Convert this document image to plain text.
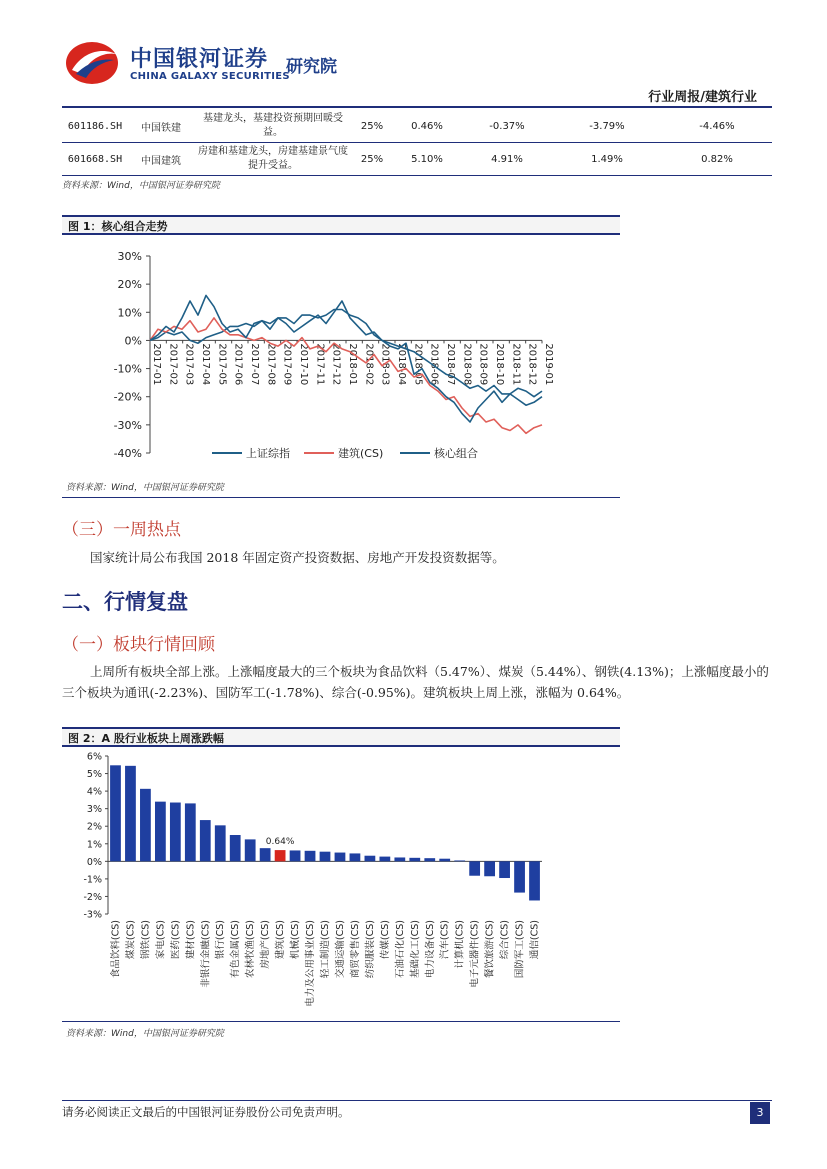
中国银河证券
CHINA GALAXY SECURITIES
研究院
行业周报/建筑行业
601186.SH	中国铁建	基建龙头，基建投资预期回暖受益。	25%	0.46%	-0.37%	-3.79%	-4.46%
601668.SH	中国建筑	房建和基建龙头，房建基建景气度提升受益。	25%	5.10%	4.91%	1.49%	0.82%
资料来源：Wind，中国银河证券研究院
图 1：核心组合走势
30%
20%
10%
0%
-10%
-20%
-30%
-40%
2017-01 2017-02 2017-03 2017-04 2017-05 2017-06 2017-07 2017-08 2017-09 2017-10 2017-11 2017-12 2018-01 2018-02 2018-03 2018-04 2018-05 2018-06 2018-07 2018-08 2018-09 2018-10 2018-11 2018-12 2019-01
上证综指	建筑(CS)	核心组合
资料来源：Wind，中国银河证券研究院
（三）一周热点
国家统计局公布我国 2018 年固定资产投资数据、房地产开发投资数据等。
二、行情复盘
（一）板块行情回顾
上周所有板块全部上涨。上涨幅度最大的三个板块为食品饮料（5.47%）、煤炭（5.44%）、钢铁(4.13%)；上涨幅度最小的三个板块为通讯(-2.23%)、国防军工(-1.78%)、综合(-0.95%)。建筑板块上周上涨，涨幅为 0.64%。
图 2：A 股行业板块上周涨跌幅
6%
5%
4%
3%
2%
1%
0%
-1%
-2%
-3%
食品饮料(CS) 煤炭(CS) 钢铁(CS) 家电(CS) 医药(CS) 建材(CS) 非银行金融(CS) 银行(CS) 有色金属(CS) 农林牧渔(CS) 房地产(CS) 建筑(CS) 机械(CS) 电力及公用事业(CS) 轻工制造(CS) 交通运输(CS) 商贸零售(CS) 纺织服装(CS) 传媒(CS) 石油石化(CS) 基础化工(CS) 电力设备(CS) 汽车(CS) 计算机(CS) 电子元器件(CS) 餐饮旅游(CS) 综合(CS) 国防军工(CS) 通信(CS)
0.64%
资料来源：Wind，中国银河证券研究院
请务必阅读正文最后的中国银河证券股份公司免责声明。	3
